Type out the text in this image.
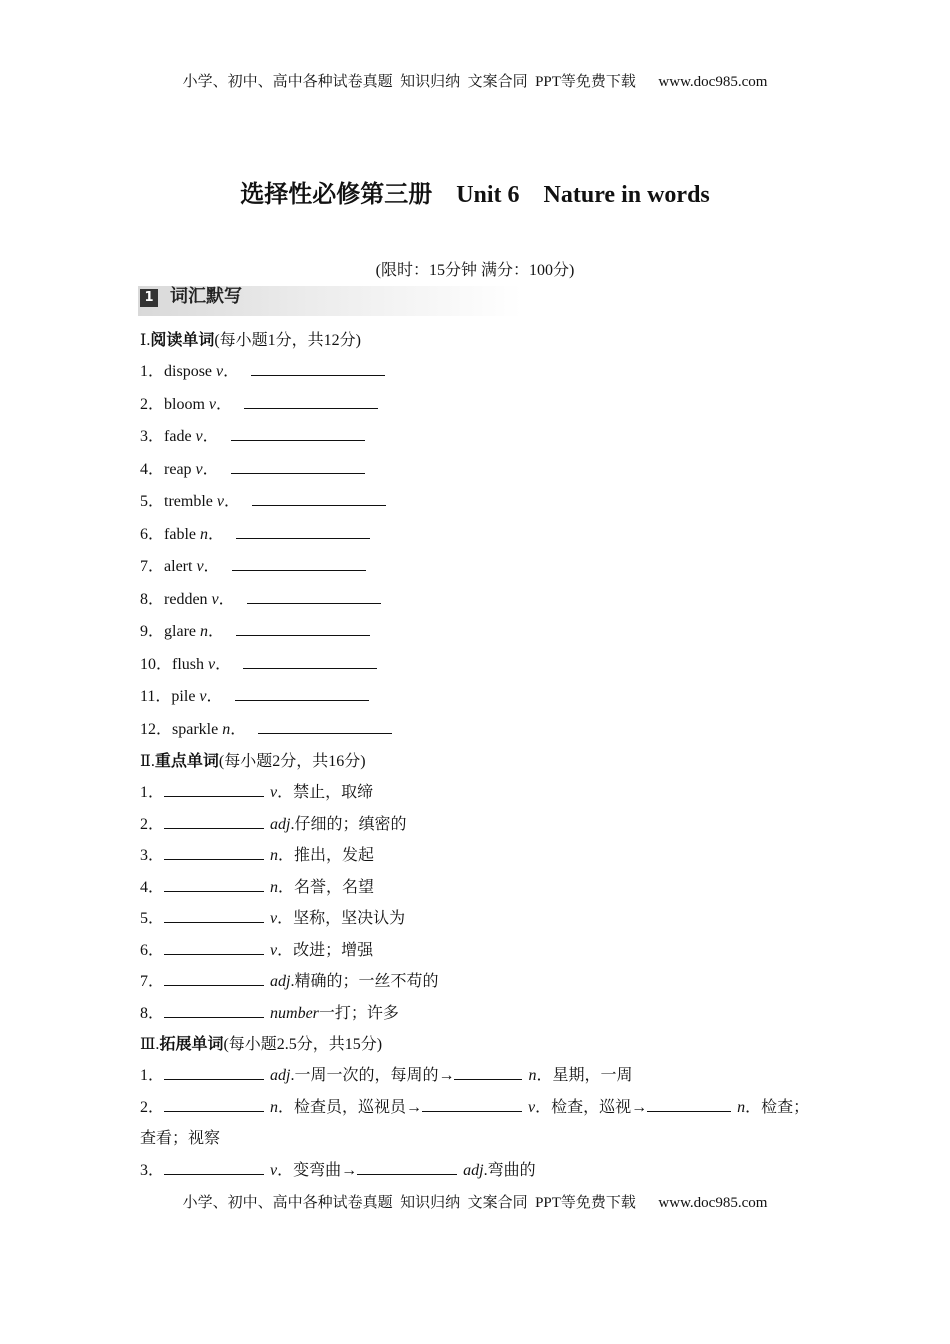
小学、初中、高中各种试卷真题  知识归纳  文案合同  PPT等免费下载      www.doc985.com
选择性必修第三册    Unit 6    Nature in words
(限时：15分钟 满分：100分)
1 词汇默写
Ⅰ.阅读单词(每小题1分，共12分)
1．dispose v．
2．bloom v．
3．fade v．
4．reap v．
5．tremble v．
6．fable n．
7．alert v．
8．redden v．
9．glare n．
10．flush v．
11．pile v．
12．sparkle n．
Ⅱ.重点单词(每小题2分，共16分)
1．	v．禁止，取缔
2．	adj.仔细的；缜密的
3．	n．推出，发起
4．	n．名誉，名望
5．	v．坚称，坚决认为
6．	v．改进；增强
7．	adj.精确的；一丝不苟的
8．	number一打；许多
Ⅲ.拓展单词(每小题2.5分，共15分)
1．	adj.一周一次的，每周的→	n．星期，一周
2．	n．检查员，巡视员→	v．检查，巡视→	n．检查；
查看；视察
3．	v．变弯曲→	adj.弯曲的
小学、初中、高中各种试卷真题  知识归纳  文案合同  PPT等免费下载      www.doc985.com
